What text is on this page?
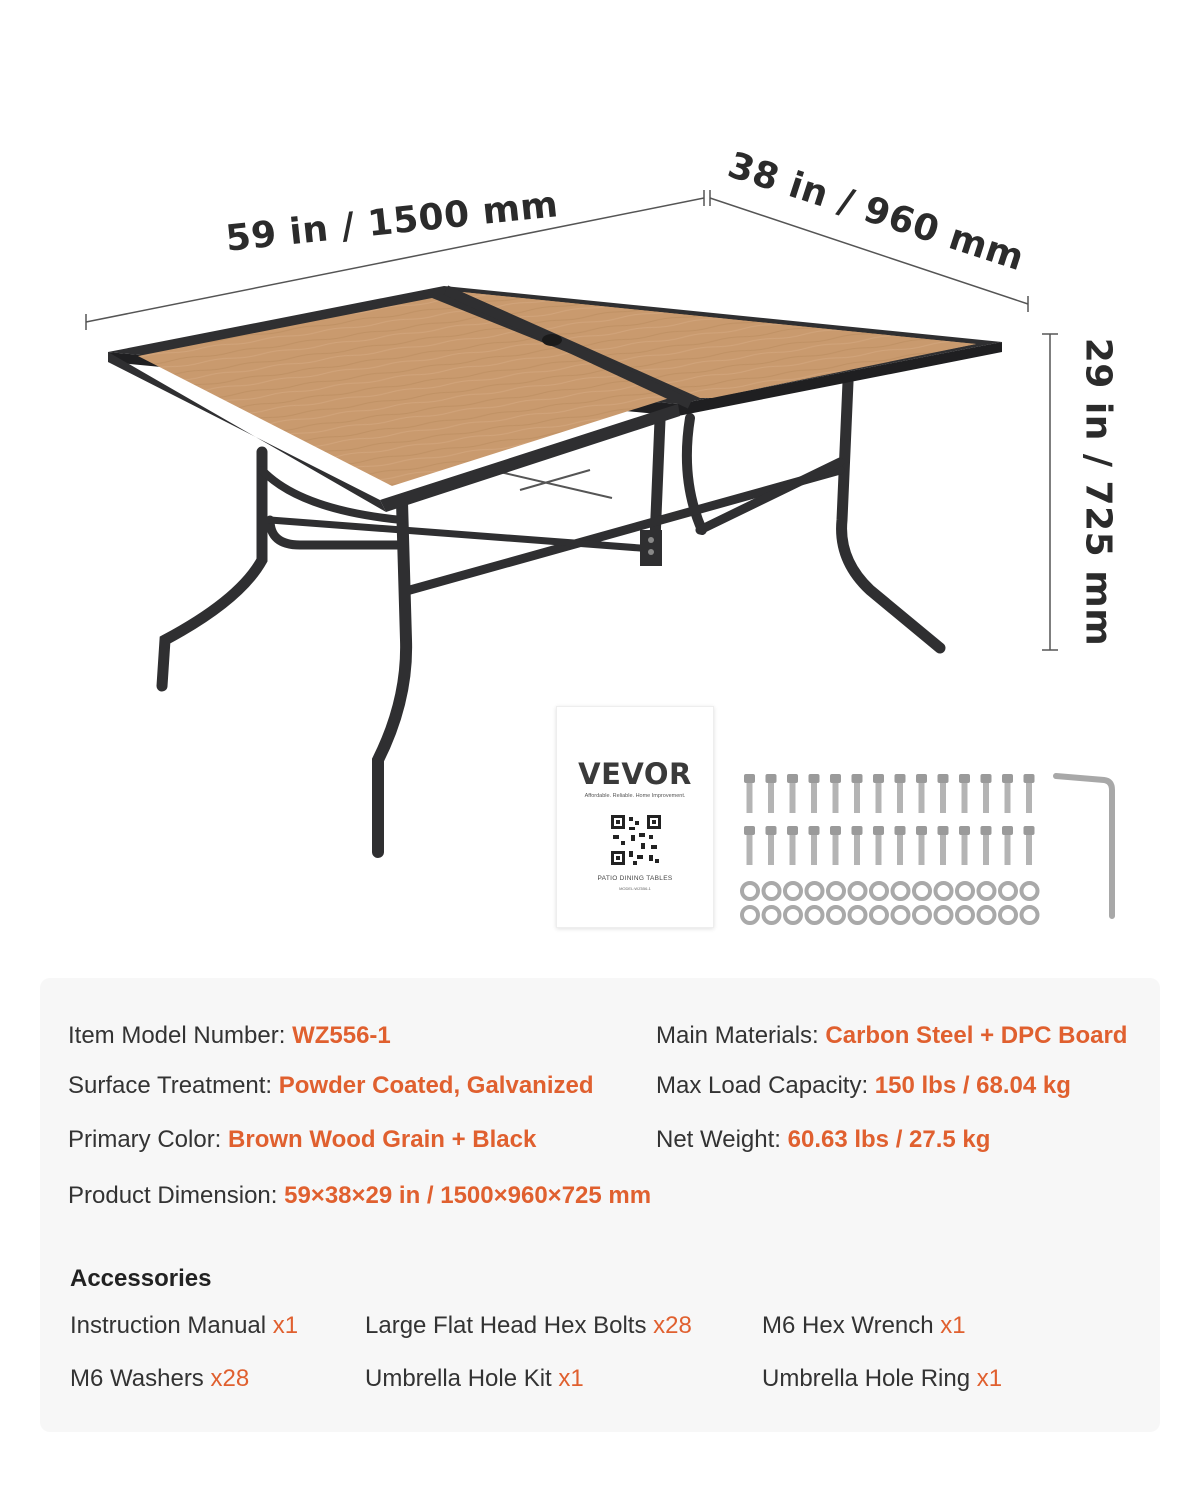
59 in / 1500 mm	38 in / 960 mm
29 in / 725 mm
VEVOR
Affordable. Reliable. Home Improvement.
PATIO DINING TABLES
MODEL:WZ556-1
Item Model Number: WZ556-1	Main Materials: Carbon Steel + DPC Board
Surface Treatment: Powder Coated, Galvanized	Max Load Capacity: 150 lbs / 68.04 kg
Primary Color: Brown Wood Grain + Black	Net Weight: 60.63 lbs / 27.5 kg
Product Dimension: 59×38×29 in / 1500×960×725 mm
Accessories
Instruction Manual x1	Large Flat Head Hex Bolts x28	M6 Hex Wrench x1
M6 Washers x28	Umbrella Hole Kit x1	Umbrella Hole Ring x1
